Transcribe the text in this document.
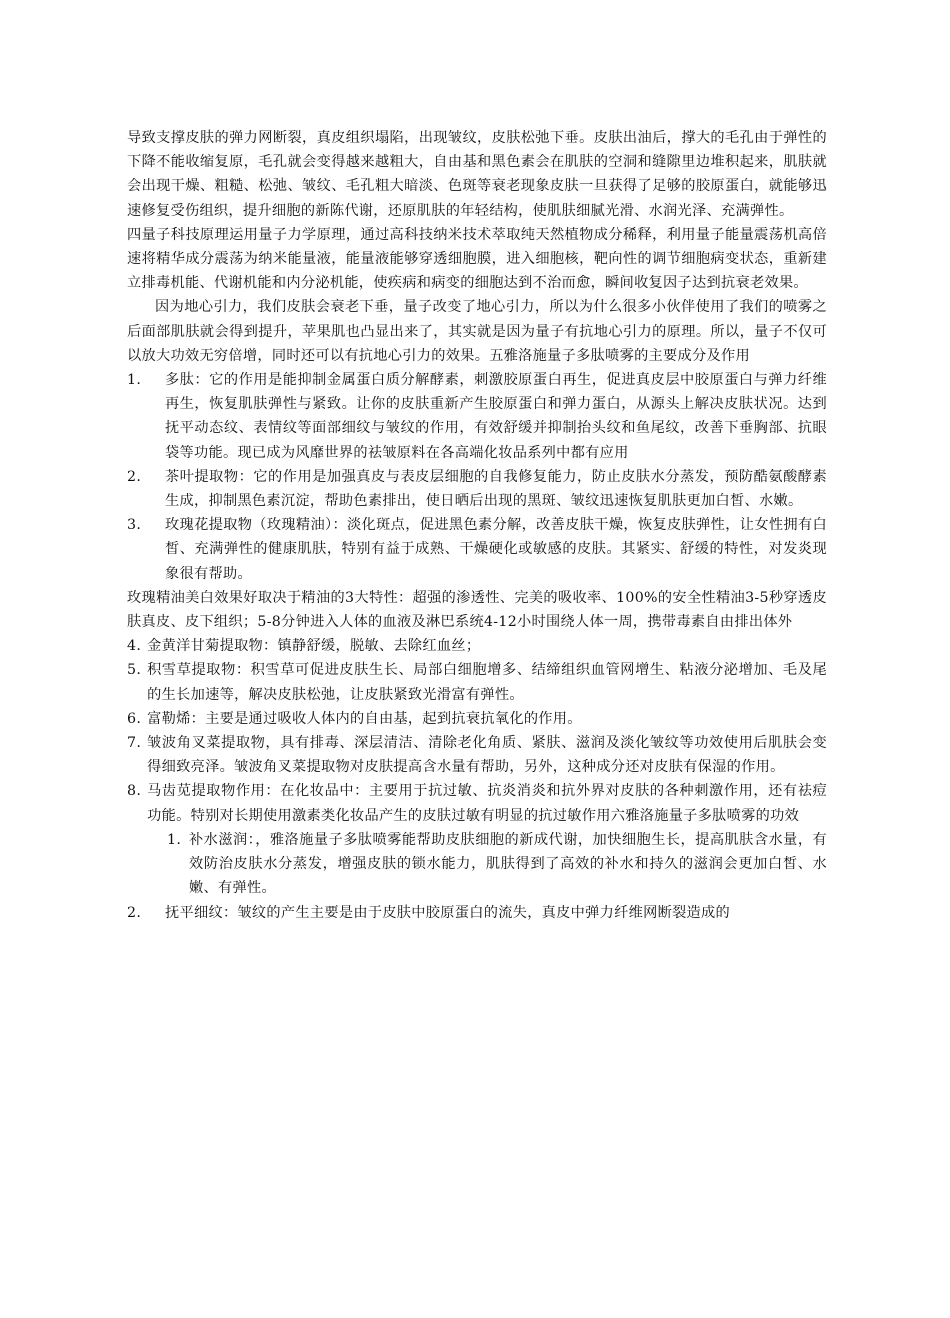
导致支撑皮肤的弹力网断裂，真皮组织塌陷，出现皱纹，皮肤松弛下垂。皮肤出油后，撑大的毛孔由于弹性的下降不能收缩复原，毛孔就会变得越来越粗大，自由基和黑色素会在肌肤的空洞和缝隙里边堆积起来，肌肤就会出现干燥、粗糙、松弛、皱纹、毛孔粗大暗淡、色斑等衰老现象皮肤一旦获得了足够的胶原蛋白，就能够迅速修复受伤组织，提升细胞的新陈代谢，还原肌肤的年轻结构，使肌肤细腻光滑、水润光泽、充满弹性。

四量子科技原理运用量子力学原理，通过高科技纳米技术萃取纯天然植物成分稀释，利用量子能量震荡机高倍速将精华成分震荡为纳米能量液，能量液能够穿透细胞膜，进入细胞核，靶向性的调节细胞病变状态，重新建立排毒机能、代谢机能和内分泌机能，使疾病和病变的细胞达到不治而愈，瞬间收复因子达到抗衰老效果。

因为地心引力，我们皮肤会衰老下垂，量子改变了地心引力，所以为什么很多小伙伴使用了我们的喷雾之后面部肌肤就会得到提升，苹果肌也凸显出来了，其实就是因为量子有抗地心引力的原理。所以，量子不仅可以放大功效无穷倍增，同时还可以有抗地心引力的效果。五雅洛施量子多肽喷雾的主要成分及作用

1.	多肽：它的作用是能抑制金属蛋白质分解酵素，刺激胶原蛋白再生，促进真皮层中胶原蛋白与弹力纤维再生，恢复肌肤弹性与紧致。让你的皮肤重新产生胶原蛋白和弹力蛋白，从源头上解决皮肤状况。达到抚平动态纹、表情纹等面部细纹与皱纹的作用，有效舒缓并抑制抬头纹和鱼尾纹，改善下垂胸部、抗眼袋等功能。现已成为风靡世界的祛皱原料在各高端化妆品系列中都有应用
2.	茶叶提取物：它的作用是加强真皮与表皮层细胞的自我修复能力，防止皮肤水分蒸发，预防酷氨酸酵素生成，抑制黑色素沉淀，帮助色素排出，使日晒后出现的黑斑、皱纹迅速恢复肌肤更加白皙、水嫩。
3.	玫瑰花提取物（玫瑰精油）：淡化斑点，促进黑色素分解，改善皮肤干燥，恢复皮肤弹性，让女性拥有白皙、充满弹性的健康肌肤，特别有益于成熟、干燥硬化或敏感的皮肤。其紧实、舒缓的特性，对发炎现象很有帮助。

玫瑰精油美白效果好取决于精油的3大特性：超强的渗透性、完美的吸收率、100%的安全性精油3-5秒穿透皮肤真皮、皮下组织；5-8分钟进入人体的血液及淋巴系统4-12小时围绕人体一周，携带毒素自由排出体外

4. 金黄洋甘菊提取物：镇静舒缓，脱敏、去除红血丝；
5. 积雪草提取物：积雪草可促进皮肤生长、局部白细胞增多、结缔组织血管网增生、粘液分泌增加、毛及尾的生长加速等，解决皮肤松弛，让皮肤紧致光滑富有弹性。
6. 富勒烯：主要是通过吸收人体内的自由基，起到抗衰抗氧化的作用。
7. 皱波角叉菜提取物，具有排毒、深层清洁、清除老化角质、紧肤、滋润及淡化皱纹等功效使用后肌肤会变得细致亮泽。皱波角叉菜提取物对皮肤提高含水量有帮助，另外，这种成分还对皮肤有保湿的作用。
8. 马齿苋提取物作用：在化妆品中：主要用于抗过敏、抗炎消炎和抗外界对皮肤的各种刺激作用，还有祛痘功能。特别对长期使用激素类化妆品产生的皮肤过敏有明显的抗过敏作用六雅洛施量子多肽喷雾的功效
1. 补水滋润：，雅洛施量子多肽喷雾能帮助皮肤细胞的新成代谢，加快细胞生长，提高肌肤含水量，有效防治皮肤水分蒸发，增强皮肤的锁水能力，肌肤得到了高效的补水和持久的滋润会更加白皙、水嫩、有弹性。
2.	抚平细纹：皱纹的产生主要是由于皮肤中胶原蛋白的流失，真皮中弹力纤维网断裂造成的
